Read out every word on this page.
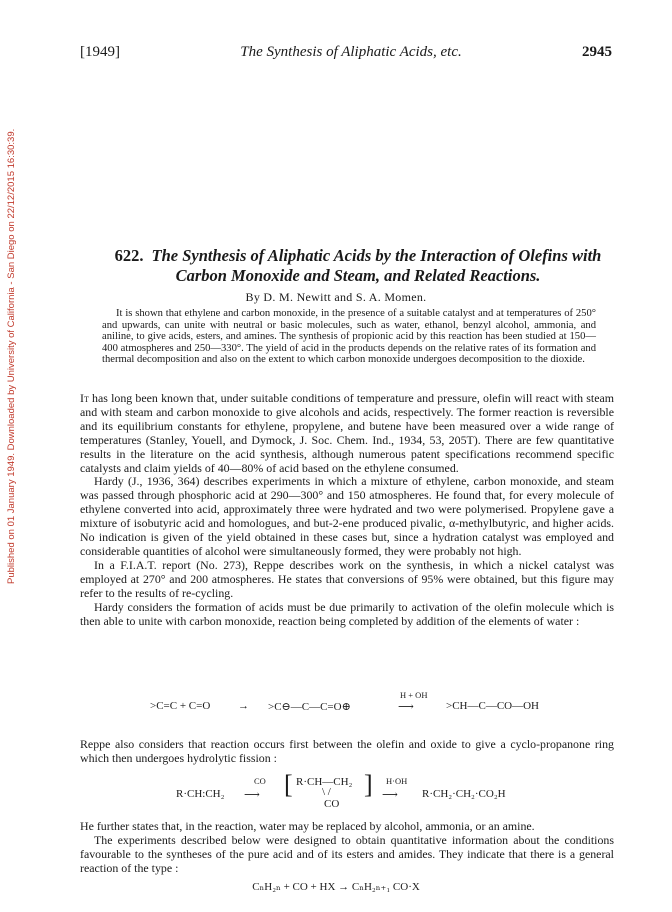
Published on 01 January 1949. Downloaded by University of California - San Diego on 22/12/2015 16:30:39.
[1949]	The Synthesis of Aliphatic Acids, etc.	2945
622. The Synthesis of Aliphatic Acids by the Interaction of Olefins with Carbon Monoxide and Steam, and Related Reactions.
By D. M. Newitt and S. A. Momen.
It is shown that ethylene and carbon monoxide, in the presence of a suitable catalyst and at temperatures of 250° and upwards, can unite with neutral or basic molecules, such as water, ethanol, benzyl alcohol, ammonia, and aniline, to give acids, esters, and amines. The synthesis of propionic acid by this reaction has been studied at 150—400 atmospheres and 250—330°. The yield of acid in the products depends on the relative rates of its formation and thermal decomposition and also on the extent to which carbon monoxide undergoes decomposition to the dioxide.

It has long been known that, under suitable conditions of temperature and pressure, olefin will react with steam and with steam and carbon monoxide to give alcohols and acids, respectively. The former reaction is reversible and its equilibrium constants for ethylene, propylene, and butene have been measured over a wide range of temperatures (Stanley, Youell, and Dymock, J. Soc. Chem. Ind., 1934, 53, 205T). There are few quantitative results in the literature on the acid synthesis, although numerous patent specifications recommend specific catalysts and claim yields of 40—80% of acid based on the ethylene consumed.

Hardy (J., 1936, 364) describes experiments in which a mixture of ethylene, carbon monoxide, and steam was passed through phosphoric acid at 290—300° and 150 atmospheres. He found that, for every molecule of ethylene converted into acid, approximately three were hydrated and two were polymerised. Propylene gave a mixture of isobutyric acid and homologues, and but-2-ene produced pivalic, α-methylbutyric, and higher acids. No indication is given of the yield obtained in these cases but, since a hydration catalyst was employed and considerable quantities of alcohol were simultaneously formed, they were probably not high.

In a F.I.A.T. report (No. 273), Reppe describes work on the synthesis, in which a nickel catalyst was employed at 270° and 200 atmospheres. He states that conversions of 95% were obtained, but this figure may refer to the results of re-cycling.

Hardy considers the formation of acids must be due primarily to activation of the olefin molecule which is then able to unite with carbon monoxide, reaction being completed by addition of the elements of water :

>C=C + C=O	→ >C⊖—C—C=O⊕
H + OH
⟶	>CH—C—CO—OH

Reppe also considers that reaction occurs first between the olefin and oxide to give a cyclo-propanone ring which then undergoes hydrolytic fission :

R·CH:CH₂
CO
⟶ [ R·CH—CH₂
\ /
CO
] H·OH
⟶ R·CH₂·CH₂·CO₂H

He further states that, in the reaction, water may be replaced by alcohol, ammonia, or an amine.

The experiments described below were designed to obtain quantitative information about the conditions favourable to the syntheses of the pure acid and of its esters and amides. They indicate that there is a general reaction of the type :

CₙH₂ₙ + CO + HX → CₙH₂ₙ₊₁ CO·X
